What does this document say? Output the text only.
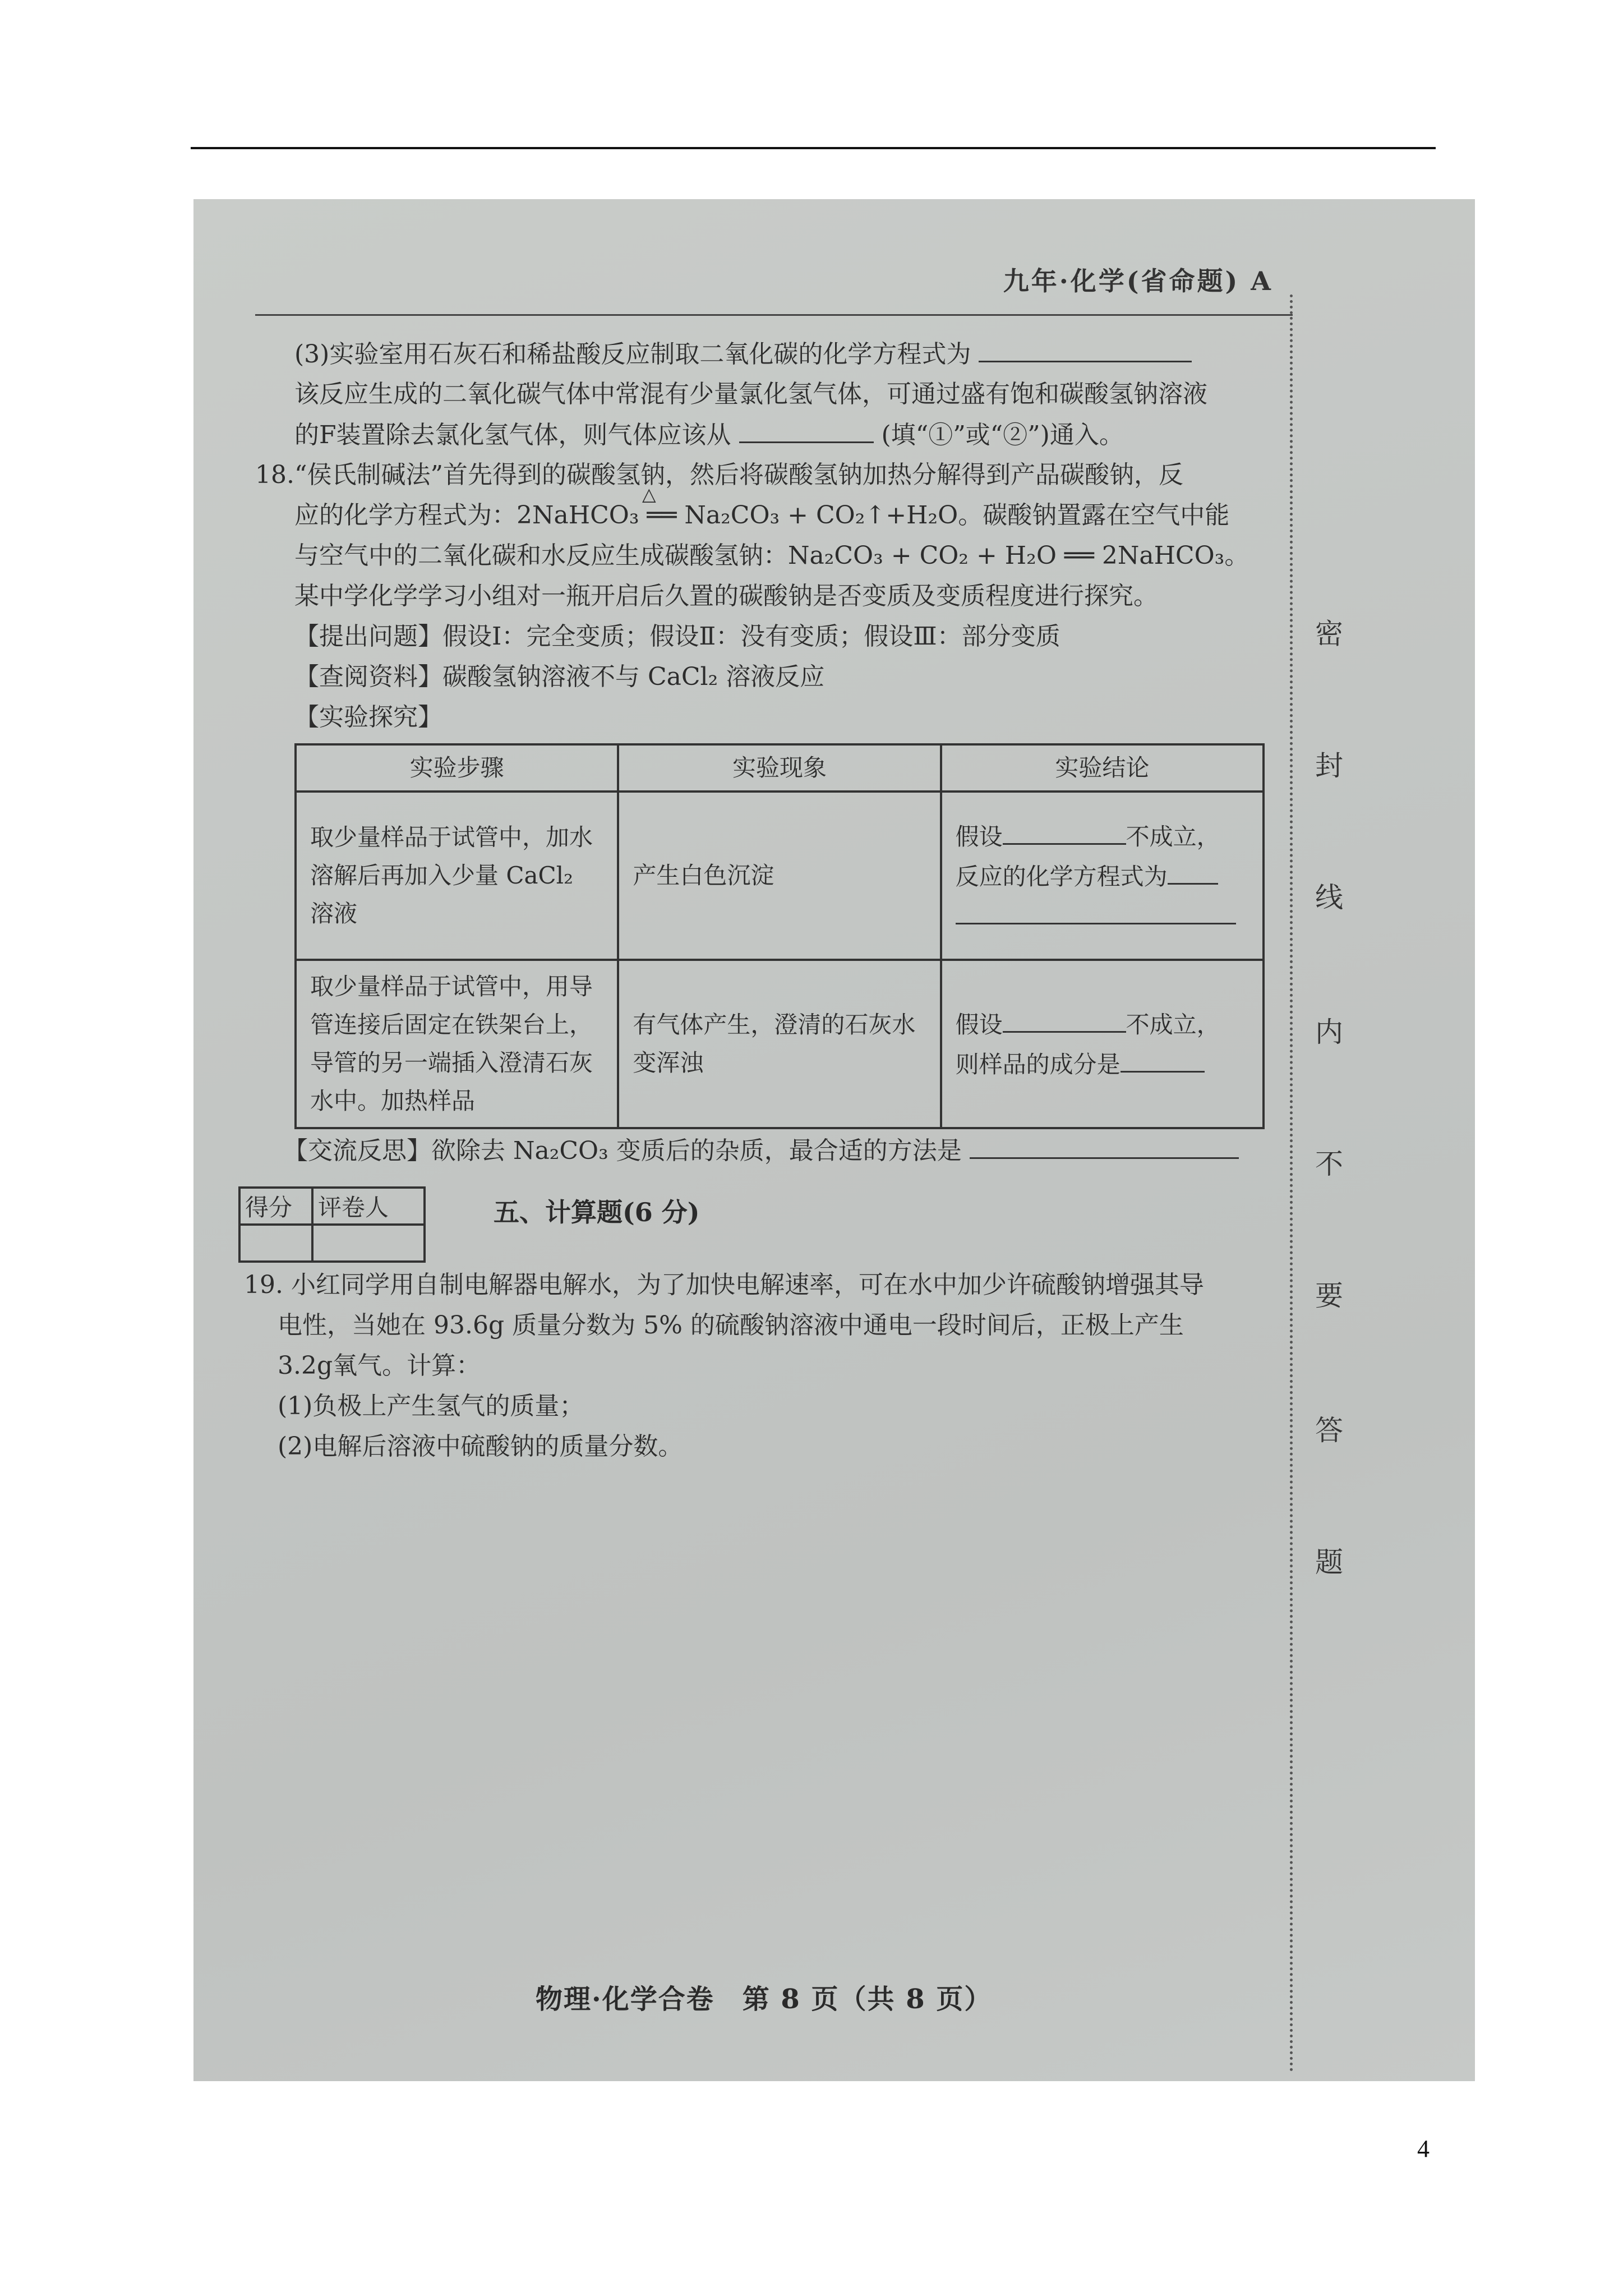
九年·化学(省命题) A
密
封
线
内
不
要
答
题
(3)实验室用石灰石和稀盐酸反应制取二氧化碳的化学方程式为
该反应生成的二氧化碳气体中常混有少量氯化氢气体，可通过盛有饱和碳酸氢钠溶液
的F装置除去氯化氢气体，则气体应该从	(填“①”或“②”)通入。
18.“侯氏制碱法”首先得到的碳酸氢钠，然后将碳酸氢钠加热分解得到产品碳酸钠，反
应的化学方程式为：2NaHCO₃ ══ Na₂CO₃ + CO₂↑+H₂O。碳酸钠置露在空气中能
△
与空气中的二氧化碳和水反应生成碳酸氢钠：Na₂CO₃ + CO₂ + H₂O ══ 2NaHCO₃。
某中学化学学习小组对一瓶开启后久置的碳酸钠是否变质及变质程度进行探究。
【提出问题】假设Ⅰ：完全变质；假设Ⅱ：没有变质；假设Ⅲ：部分变质
【查阅资料】碳酸氢钠溶液不与 CaCl₂ 溶液反应
【实验探究】
实验步骤	实验现象	实验结论
取少量样品于试管中，加水溶解后再加入少量 CaCl₂ 溶液	产生白色沉淀	假设 不成立，
反应的化学方程式为

取少量样品于试管中，用导管连接后固定在铁架台上，导管的另一端插入澄清石灰水中。加热样品	有气体产生，澄清的石灰水变浑浊	假设 不成立，
则样品的成分是
【交流反思】欲除去 Na₂CO₃ 变质后的杂质，最合适的方法是
得分	评卷人
		五、计算题(6 分)
19. 小红同学用自制电解器电解水，为了加快电解速率，可在水中加少许硫酸钠增强其导
电性，当她在 93.6g 质量分数为 5% 的硫酸钠溶液中通电一段时间后，正极上产生
3.2g氧气。计算：
(1)负极上产生氢气的质量；
(2)电解后溶液中硫酸钠的质量分数。
物理·化学合卷　第 8 页（共 8 页）
4
